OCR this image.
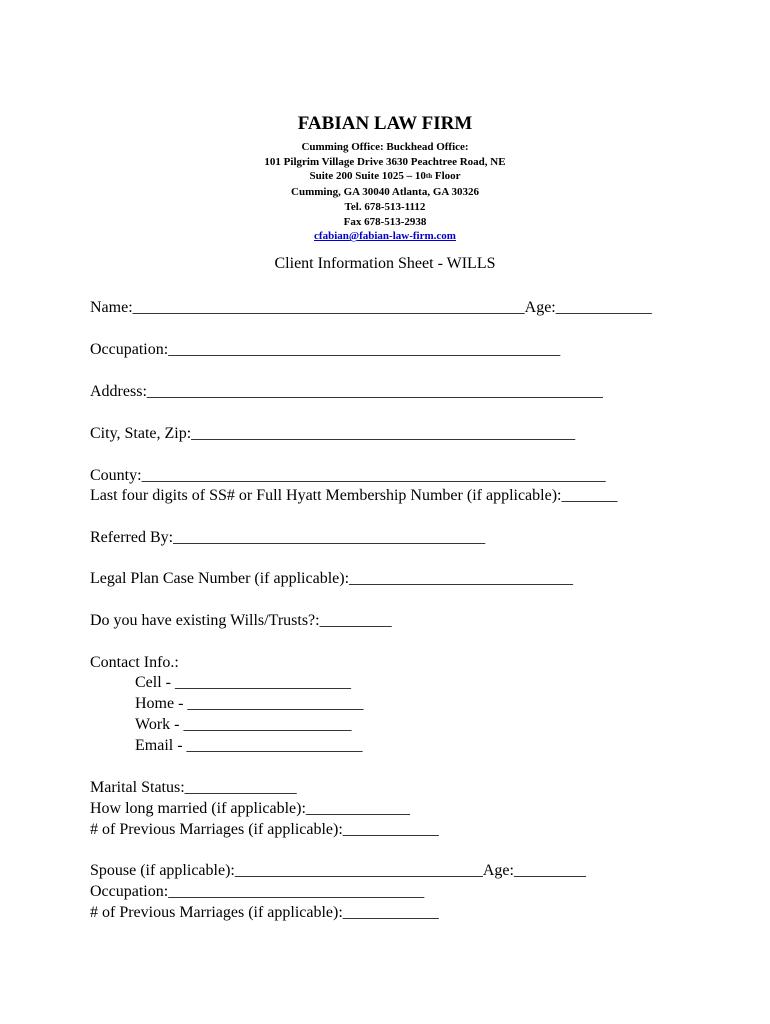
FABIAN LAW FIRM
Cumming Office: Buckhead Office:
101 Pilgrim Village Drive 3630 Peachtree Road, NE
Suite 200 Suite 1025 – 10th Floor
Cumming, GA 30040 Atlanta, GA 30326
Tel. 678-513-1112
Fax 678-513-2938
cfabian@fabian-law-firm.com
Client Information Sheet - WILLS
Name:_________________________________________________Age:____________
Occupation:_________________________________________________
Address:_________________________________________________________
City, State, Zip:________________________________________________
County:__________________________________________________________
Last four digits of SS# or Full Hyatt Membership Number (if applicable):_______
Referred By:_______________________________________
Legal Plan Case Number (if applicable):____________________________
Do you have existing Wills/Trusts?:_________
Contact Info.:
Cell - ______________________
Home - ______________________
Work - _____________________
Email - ______________________
Marital Status:______________
How long married (if applicable):_____________
# of Previous Marriages (if applicable):____________
Spouse (if applicable):_______________________________Age:_________
Occupation:________________________________
# of Previous Marriages (if applicable):____________
